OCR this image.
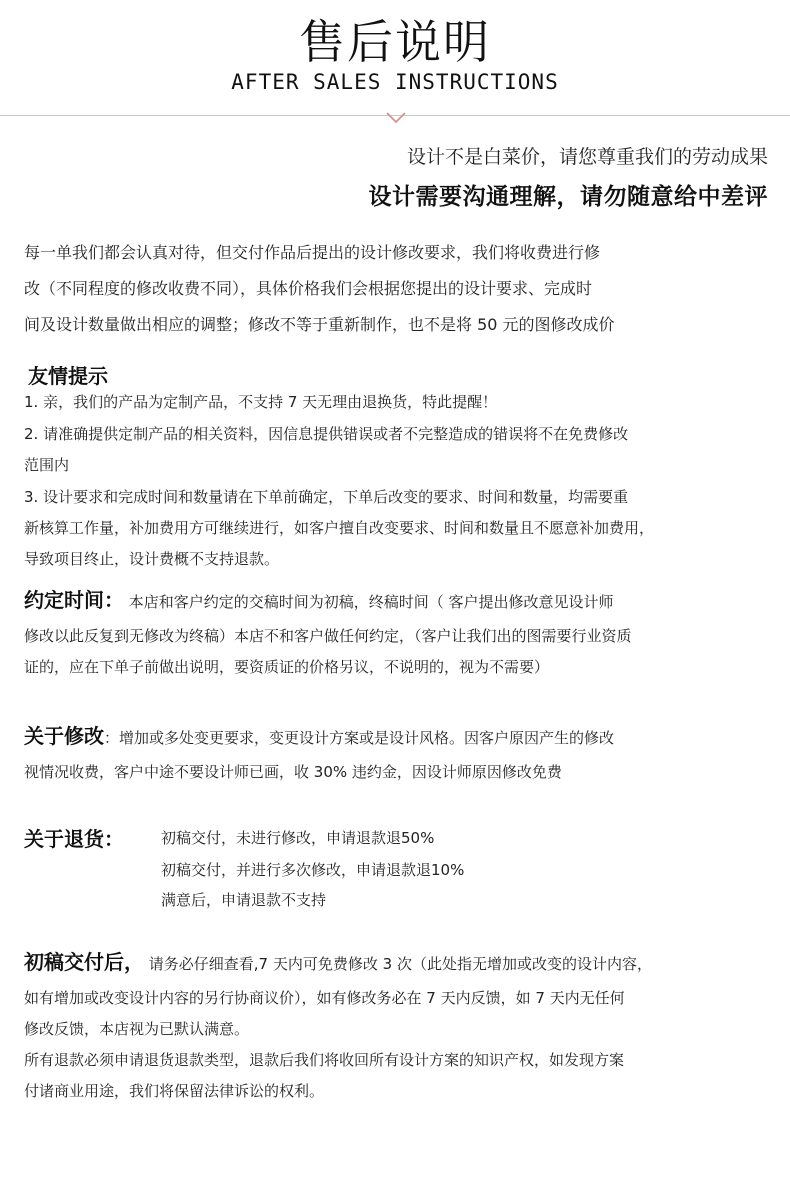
售后说明
AFTER SALES INSTRUCTIONS
设计不是白菜价，请您尊重我们的劳动成果
设计需要沟通理解，请勿随意给中差评
每一单我们都会认真对待，但交付作品后提出的设计修改要求，我们将收费进行修
改（不同程度的修改收费不同），具体价格我们会根据您提出的设计要求、完成时
间及设计数量做出相应的调整；修改不等于重新制作，也不是将 50 元的图修改成价
友情提示
1. 亲，我们的产品为定制产品，不支持 7 天无理由退换货，特此提醒！
2. 请准确提供定制产品的相关资料，因信息提供错误或者不完整造成的错误将不在免费修改
范围内
3. 设计要求和完成时间和数量请在下单前确定，下单后改变的要求、时间和数量，均需要重
新核算工作量，补加费用方可继续进行，如客户擅自改变要求、时间和数量且不愿意补加费用，
导致项目终止，设计费概不支持退款。
约定时间： 本店和客户约定的交稿时间为初稿，终稿时间（ 客户提出修改意见设计师
修改以此反复到无修改为终稿）本店不和客户做任何约定，（客户让我们出的图需要行业资质
证的，应在下单子前做出说明，要资质证的价格另议，不说明的，视为不需要）
关于修改：增加或多处变更要求，变更设计方案或是设计风格。因客户原因产生的修改
视情况收费，客户中途不要设计师已画，收 30% 违约金，因设计师原因修改免费
关于退货： 初稿交付，未进行修改，申请退款退50%
初稿交付，并进行多次修改，申请退款退10%
满意后，申请退款不支持
初稿交付后， 请务必仔细查看,7 天内可免费修改 3 次（此处指无增加或改变的设计内容，
如有增加或改变设计内容的另行协商议价），如有修改务必在 7 天内反馈，如 7 天内无任何
修改反馈，本店视为已默认满意。
所有退款必须申请退货退款类型，退款后我们将收回所有设计方案的知识产权，如发现方案
付诸商业用途，我们将保留法律诉讼的权利。
